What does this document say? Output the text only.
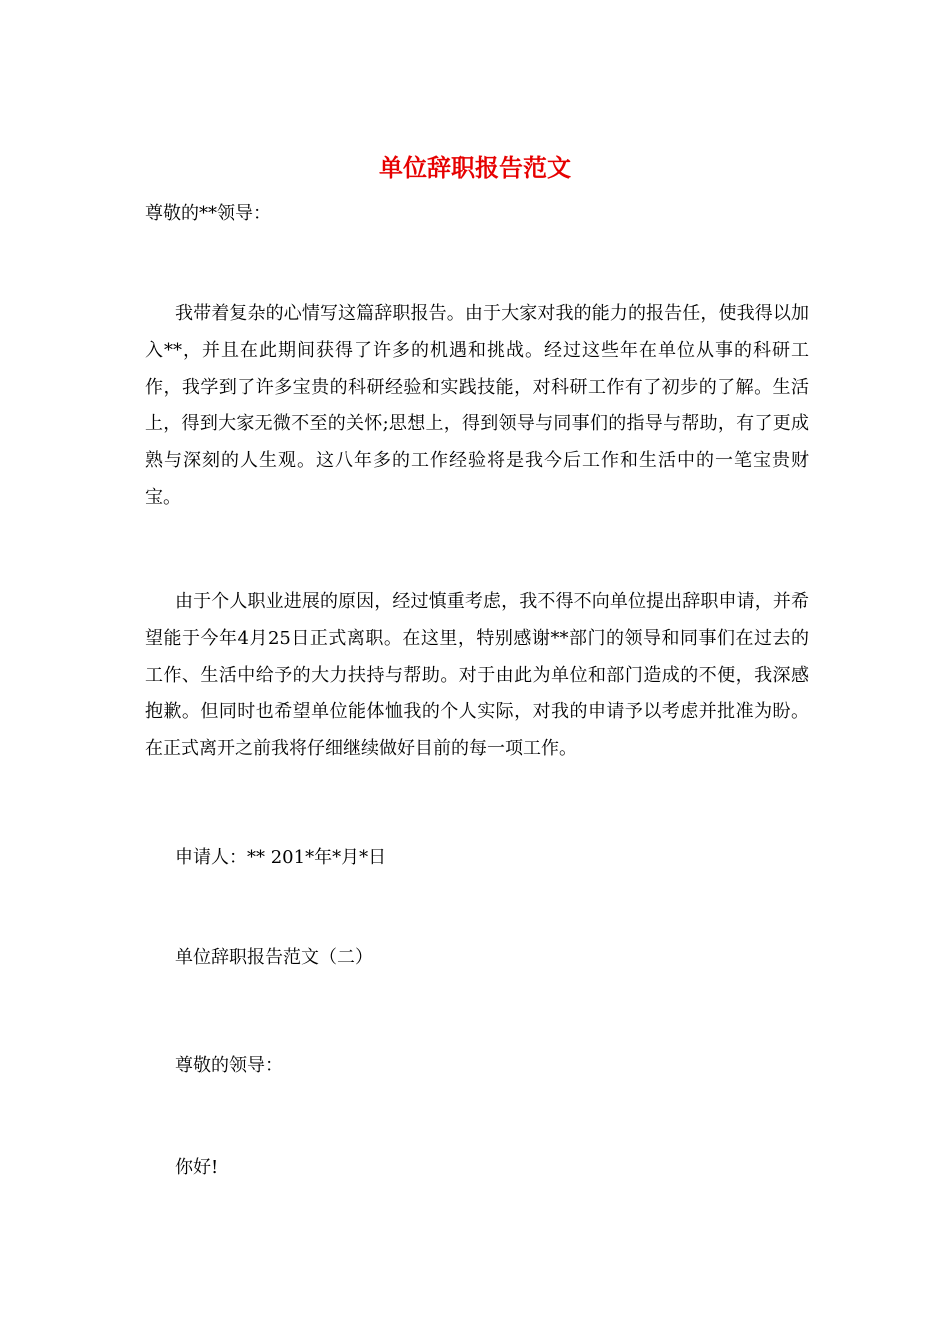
单位辞职报告范文

尊敬的**领导：

我带着复杂的心情写这篇辞职报告。由于大家对我的能力的报告任，使我得以加入**，并且在此期间获得了许多的机遇和挑战。经过这些年在单位从事的科研工作，我学到了许多宝贵的科研经验和实践技能，对科研工作有了初步的了解。生活上，得到大家无微不至的关怀;思想上，得到领导与同事们的指导与帮助，有了更成熟与深刻的人生观。这八年多的工作经验将是我今后工作和生活中的一笔宝贵财宝。

由于个人职业进展的原因，经过慎重考虑，我不得不向单位提出辞职申请，并希望能于今年4月25日正式离职。在这里，特别感谢**部门的领导和同事们在过去的工作、生活中给予的大力扶持与帮助。对于由此为单位和部门造成的不便，我深感抱歉。但同时也希望单位能体恤我的个人实际，对我的申请予以考虑并批准为盼。在正式离开之前我将仔细继续做好目前的每一项工作。

申请人：** 201*年*月*日

单位辞职报告范文（二）

尊敬的领导：

你好!
